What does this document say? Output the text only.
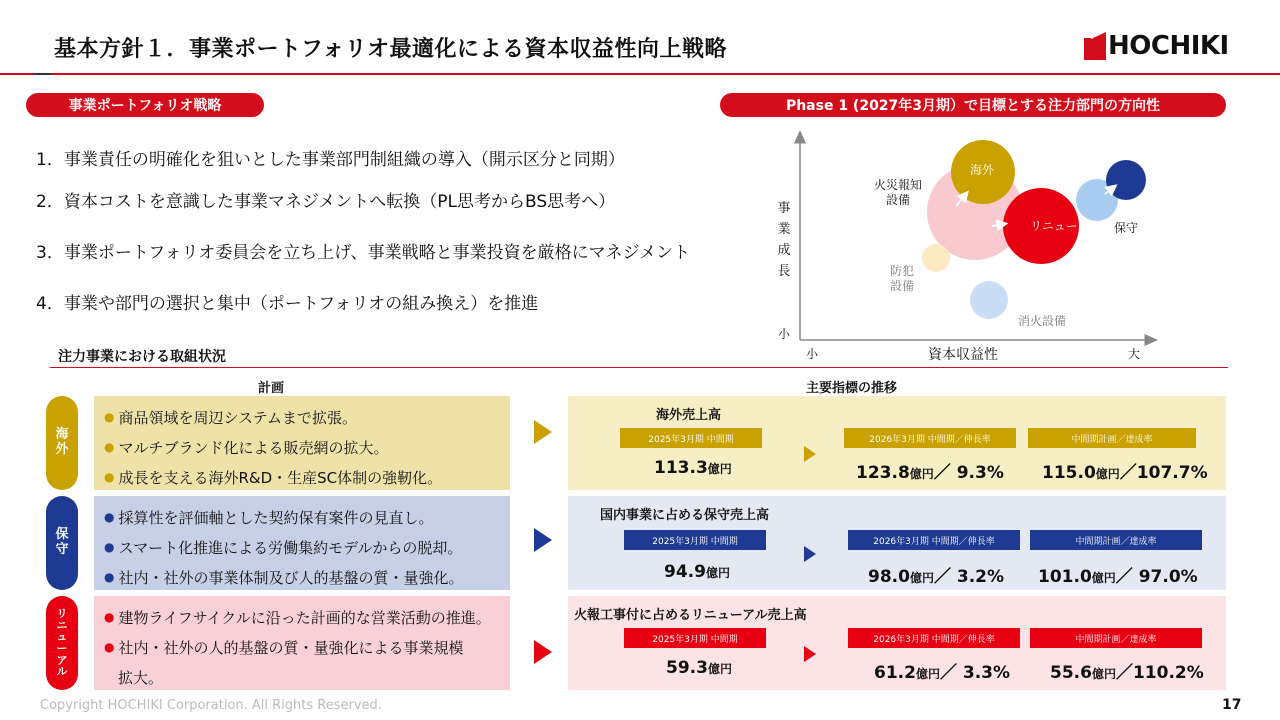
基本方針１．事業ポートフォリオ最適化による資本収益性向上戦略	HOCHIKI
事業ポートフォリオ戦略	Phase 1 (2027年3月期）で目標とする注力部門の方向性
1．事業責任の明確化を狙いとした事業部門制組織の導入（開示区分と同期）
2．資本コストを意識した事業マネジメントへ転換（PL思考からBS思考へ）
3．事業ポートフォリオ委員会を立ち上げ、事業戦略と事業投資を厳格にマネジメント
4．事業や部門の選択と集中（ポートフォリオの組み換え）を推進
事業成長
小
小	資本収益性	大
火災報知設備
海外
リニューアル 保守
防犯設備
消火設備
注力事業における取組状況
計画	主要指標の推移
海外
● 商品領域を周辺システムまで拡張。
● マルチブランド化による販売網の拡大。
● 成長を支える海外R&D・生産SC体制の強靭化。
海外売上高
2025年3月期 中間期
113.3億円
2026年3月期 中間期／伸長率
123.8億円／ 9.3%
中間期計画／達成率
115.0億円／107.7%
保守
● 採算性を評価軸とした契約保有案件の見直し。
● スマート化推進による労働集約モデルからの脱却。
● 社内・社外の事業体制及び人的基盤の質・量強化。
国内事業に占める保守売上高
2025年3月期 中間期
94.9億円
2026年3月期 中間期／伸長率
98.0億円／ 3.2%
中間期計画／達成率
101.0億円／ 97.0%
リニューアル
● 建物ライフサイクルに沿った計画的な営業活動の推進。
● 社内・社外の人的基盤の質・量強化による事業規模
拡大。
火報工事付に占めるリニューアル売上高
2025年3月期 中間期
59.3億円
2026年3月期 中間期／伸長率
61.2億円／ 3.3%
中間期計画／達成率
55.6億円／110.2%
Copyright HOCHIKI Corporation. All Rights Reserved.	17
